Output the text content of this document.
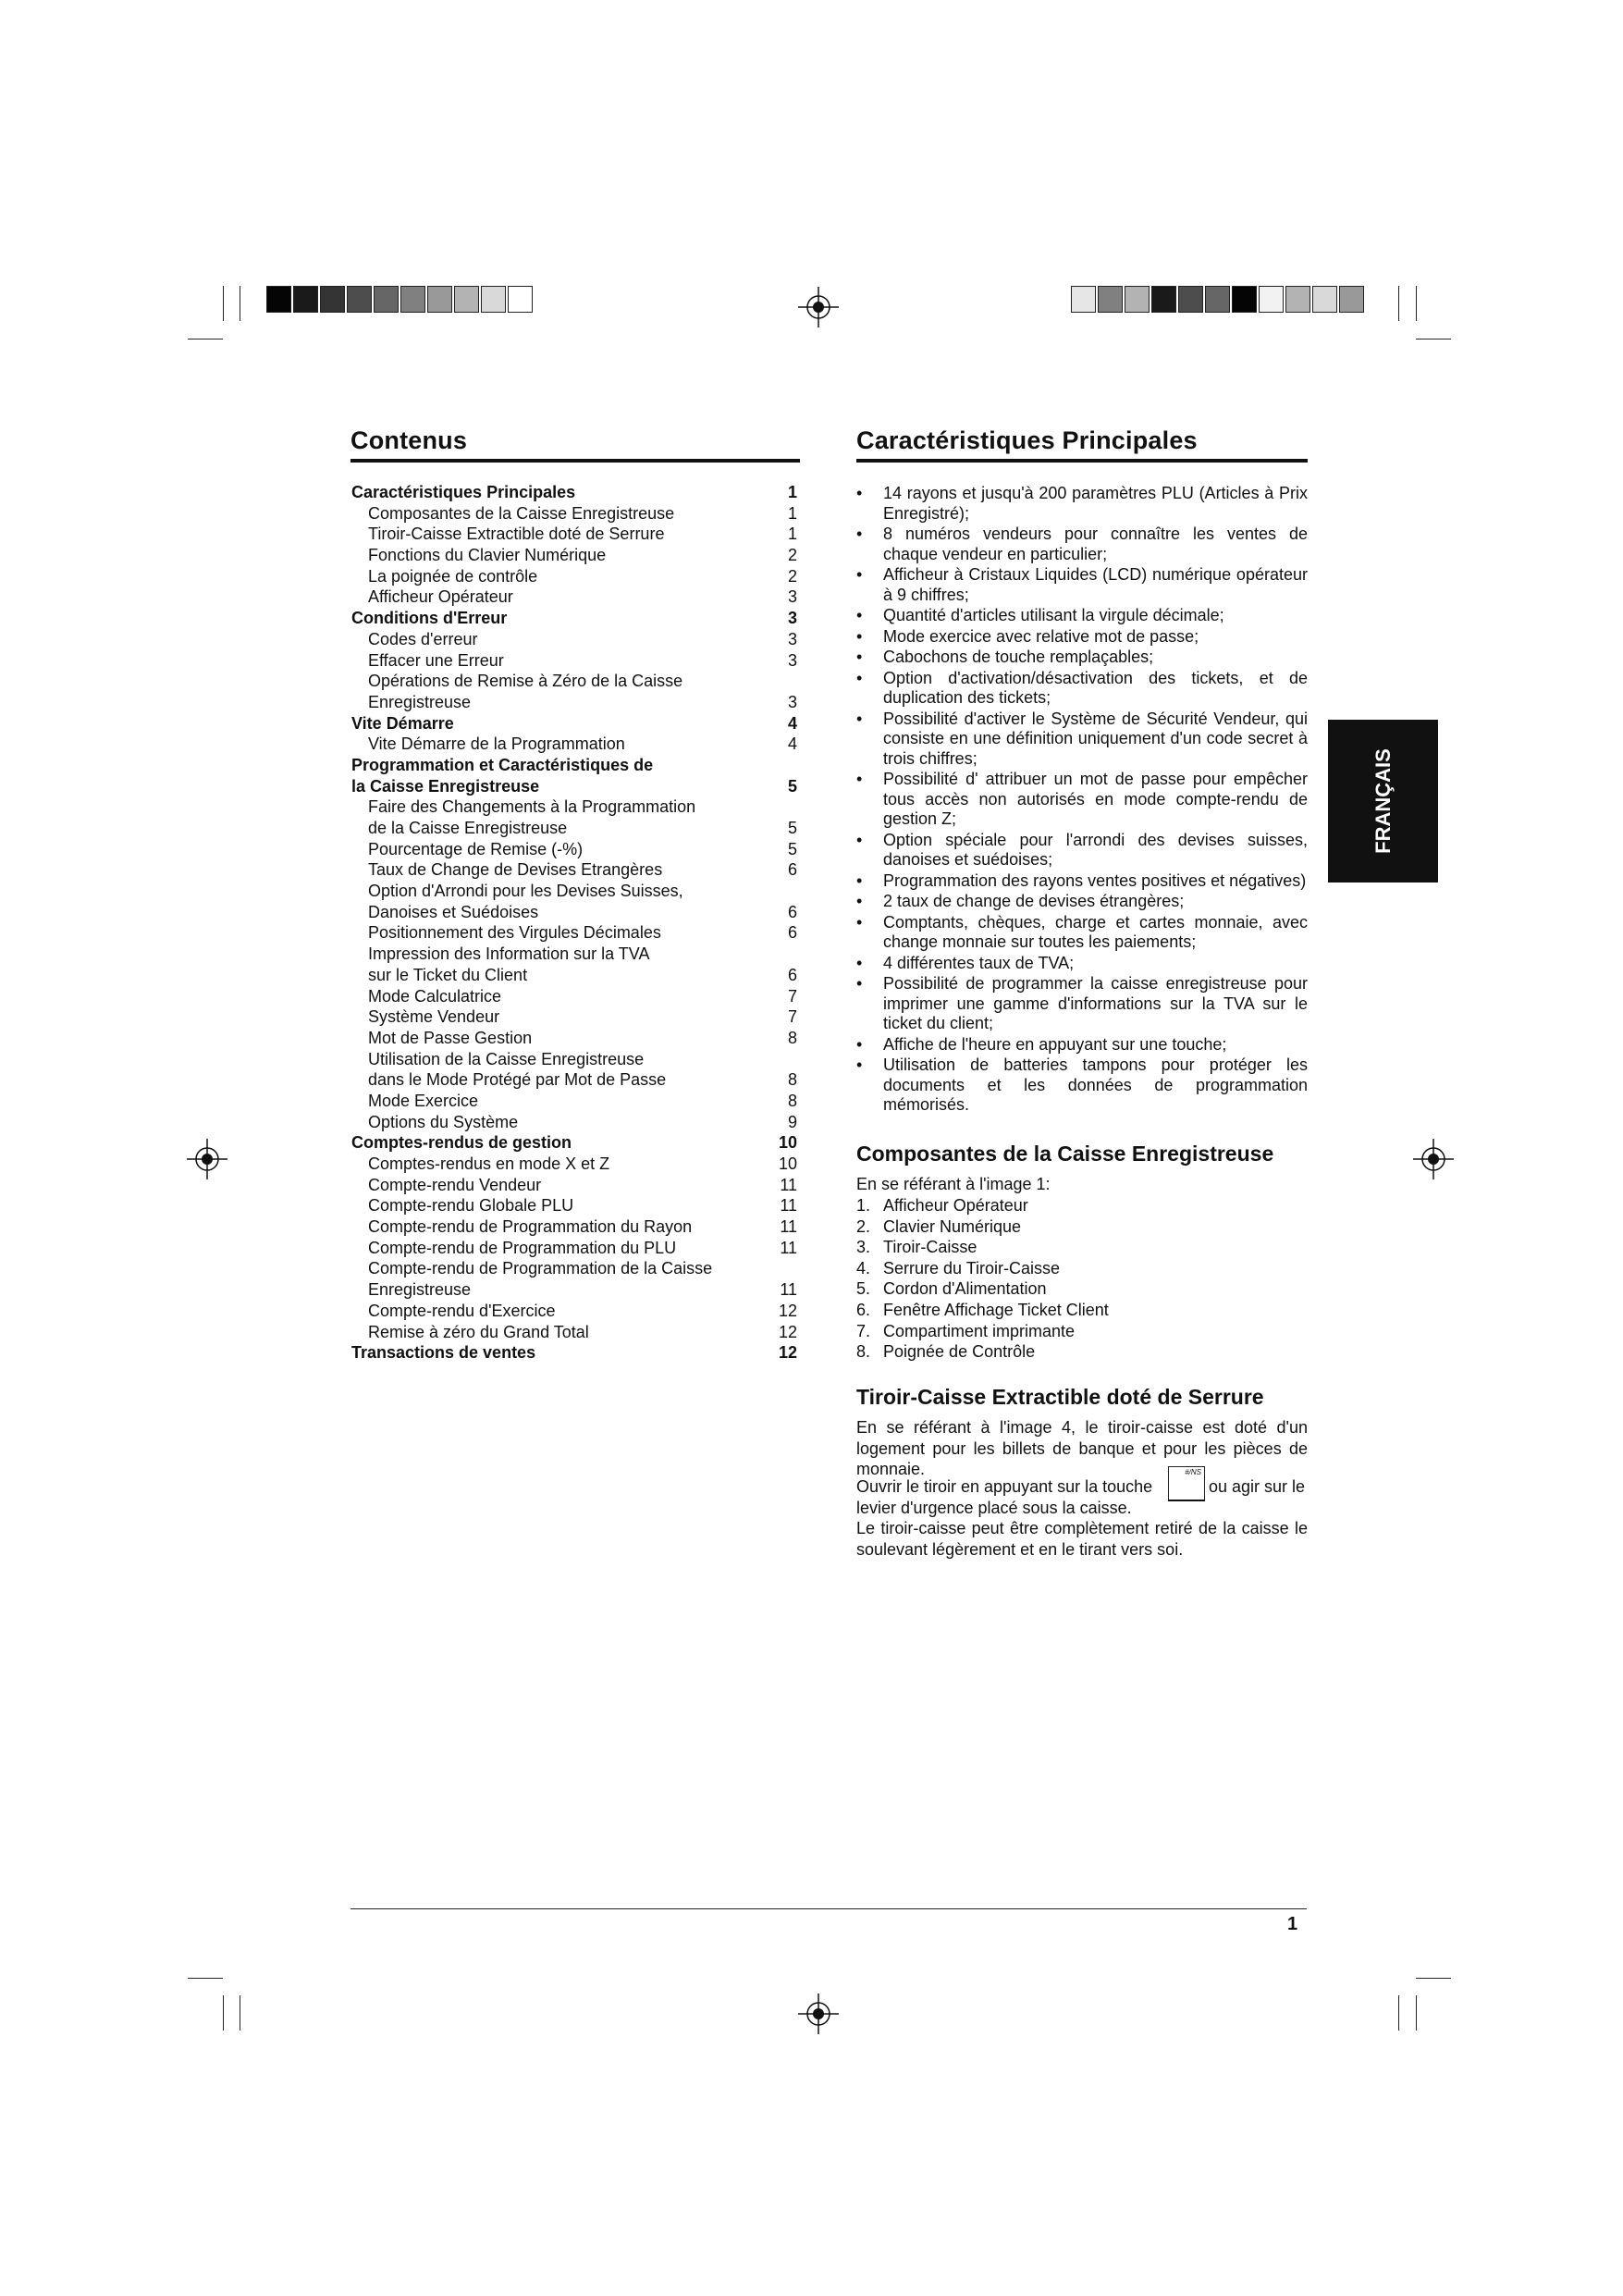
Contenus
Caractéristiques Principales	1
Composantes de la Caisse Enregistreuse	1
Tiroir-Caisse Extractible doté de Serrure	1
Fonctions du Clavier Numérique	2
La poignée de contrôle	2
Afficheur Opérateur	3
Conditions d'Erreur	3
Codes d'erreur	3
Effacer une Erreur	3
Opérations de Remise à Zéro de la Caisse
Enregistreuse	3
Vite Démarre	4
Vite Démarre de la Programmation	4
Programmation et Caractéristiques de
la Caisse Enregistreuse	5
Faire des Changements à la Programmation
de la Caisse Enregistreuse	5
Pourcentage de Remise (-%)	5
Taux de Change de Devises Etrangères	6
Option d'Arrondi pour les Devises Suisses,
Danoises et Suédoises	6
Positionnement des Virgules Décimales	6
Impression des Information sur la TVA
sur le Ticket du Client	6
Mode Calculatrice	7
Système Vendeur	7
Mot de Passe Gestion	8
Utilisation de la Caisse Enregistreuse
dans le Mode Protégé par Mot de Passe	8
Mode Exercice	8
Options du Système	9
Comptes-rendus de gestion	10
Comptes-rendus en mode X et Z	10
Compte-rendu Vendeur	11
Compte-rendu Globale PLU	11
Compte-rendu de Programmation du Rayon	11
Compte-rendu de Programmation du PLU	11
Compte-rendu de Programmation de la Caisse
Enregistreuse	11
Compte-rendu d'Exercice	12
Remise à zéro du Grand Total	12
Transactions de ventes	12
Caractéristiques Principales
• 14 rayons et jusqu'à 200 paramètres PLU (Articles à Prix Enregistré);
• 8 numéros vendeurs pour connaître les ventes de chaque vendeur en particulier;
• Afficheur à Cristaux Liquides (LCD) numérique opérateur à 9 chiffres;
• Quantité d'articles utilisant la virgule décimale;
• Mode exercice avec relative mot de passe;
• Cabochons de touche remplaçables;
• Option d'activation/désactivation des tickets, et de duplication des tickets;
• Possibilité d'activer le Système de Sécurité Vendeur, qui consiste en une définition uniquement d'un code secret à trois chiffres;
• Possibilité d' attribuer un mot de passe pour empêcher tous accès non autorisés en mode compte-rendu de gestion Z;
• Option spéciale pour l'arrondi des devises suisses, danoises et suédoises;
• Programmation des rayons ventes positives et négatives)
• 2 taux de change de devises étrangères;
• Comptants, chèques, charge et cartes monnaie, avec change monnaie sur toutes les paiements;
• 4 différentes taux de TVA;
• Possibilité de programmer la caisse enregistreuse pour imprimer une gamme d'informations sur la TVA sur le ticket du client;
• Affiche de l'heure en appuyant sur une touche;
• Utilisation de batteries tampons pour protéger les documents et les données de programmation mémorisés.
Composantes de la Caisse Enregistreuse
En se référant à l'image 1:
1. Afficheur Opérateur
2. Clavier Numérique
3. Tiroir-Caisse
4. Serrure du Tiroir-Caisse
5. Cordon d'Alimentation
6. Fenêtre Affichage Ticket Client
7. Compartiment imprimante
8. Poignée de Contrôle
Tiroir-Caisse Extractible doté de Serrure
En se référant à l'image 4, le tiroir-caisse est doté d'un logement pour les billets de banque et pour les pièces de monnaie.
Ouvrir le tiroir en appuyant sur la touche
#/NS
ou agir sur le
levier d'urgence placé sous la caisse.
Le tiroir-caisse peut être complètement retiré de la caisse le soulevant légèrement et en le tirant vers soi.
FRANÇAIS
1
